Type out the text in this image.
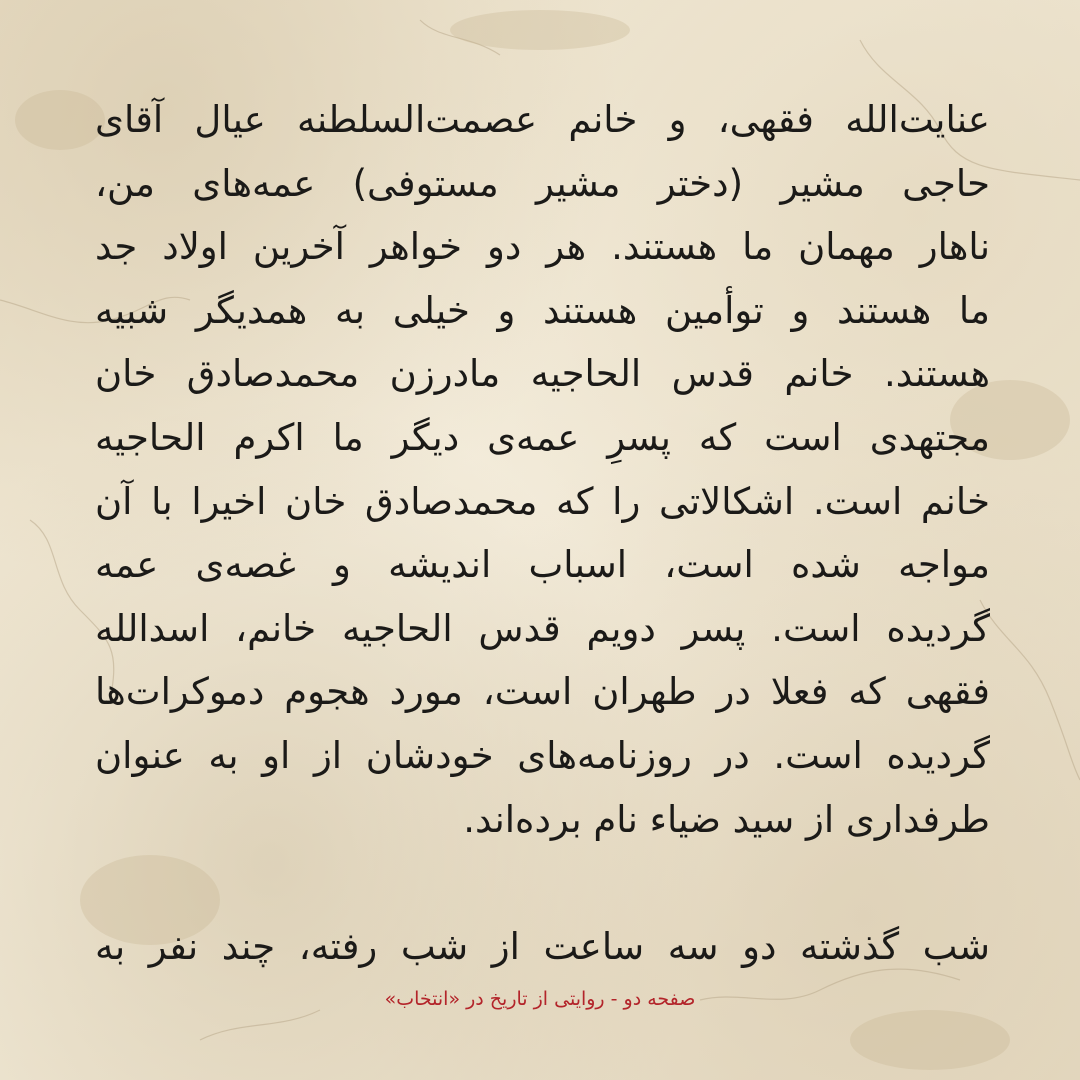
عنایت‌الله فقهی، و خانم عصمت‌السلطنه عیال آقای
حاجی مشیر (دختر مشیر مستوفی) عمه‌های من،
ناهار مهمان ما هستند. هر دو خواهر آخرین اولاد جد
ما هستند و توأمین هستند و خیلی به همدیگر شبیه
هستند. خانم قدس الحاجیه مادرزن محمدصادق خان
مجتهدی است که پسرِ عمه‌ی دیگر ما اکرم الحاجیه
خانم است. اشکالاتی را که محمدصادق خان اخیرا با آن
مواجه شده است، اسباب اندیشه و غصه‌ی عمه
گردیده است. پسر دویم قدس الحاجیه خانم، اسدالله
فقهی که فعلا در طهران است، مورد هجوم دموکرات‌ها
گردیده است. در روزنامه‌های خودشان از او به عنوان
طرفداری از سید ضیاء نام برده‌اند.
شب گذشته دو سه ساعت از شب رفته، چند نفر به
صفحه دو - روایتی از تاریخ در «انتخاب»
